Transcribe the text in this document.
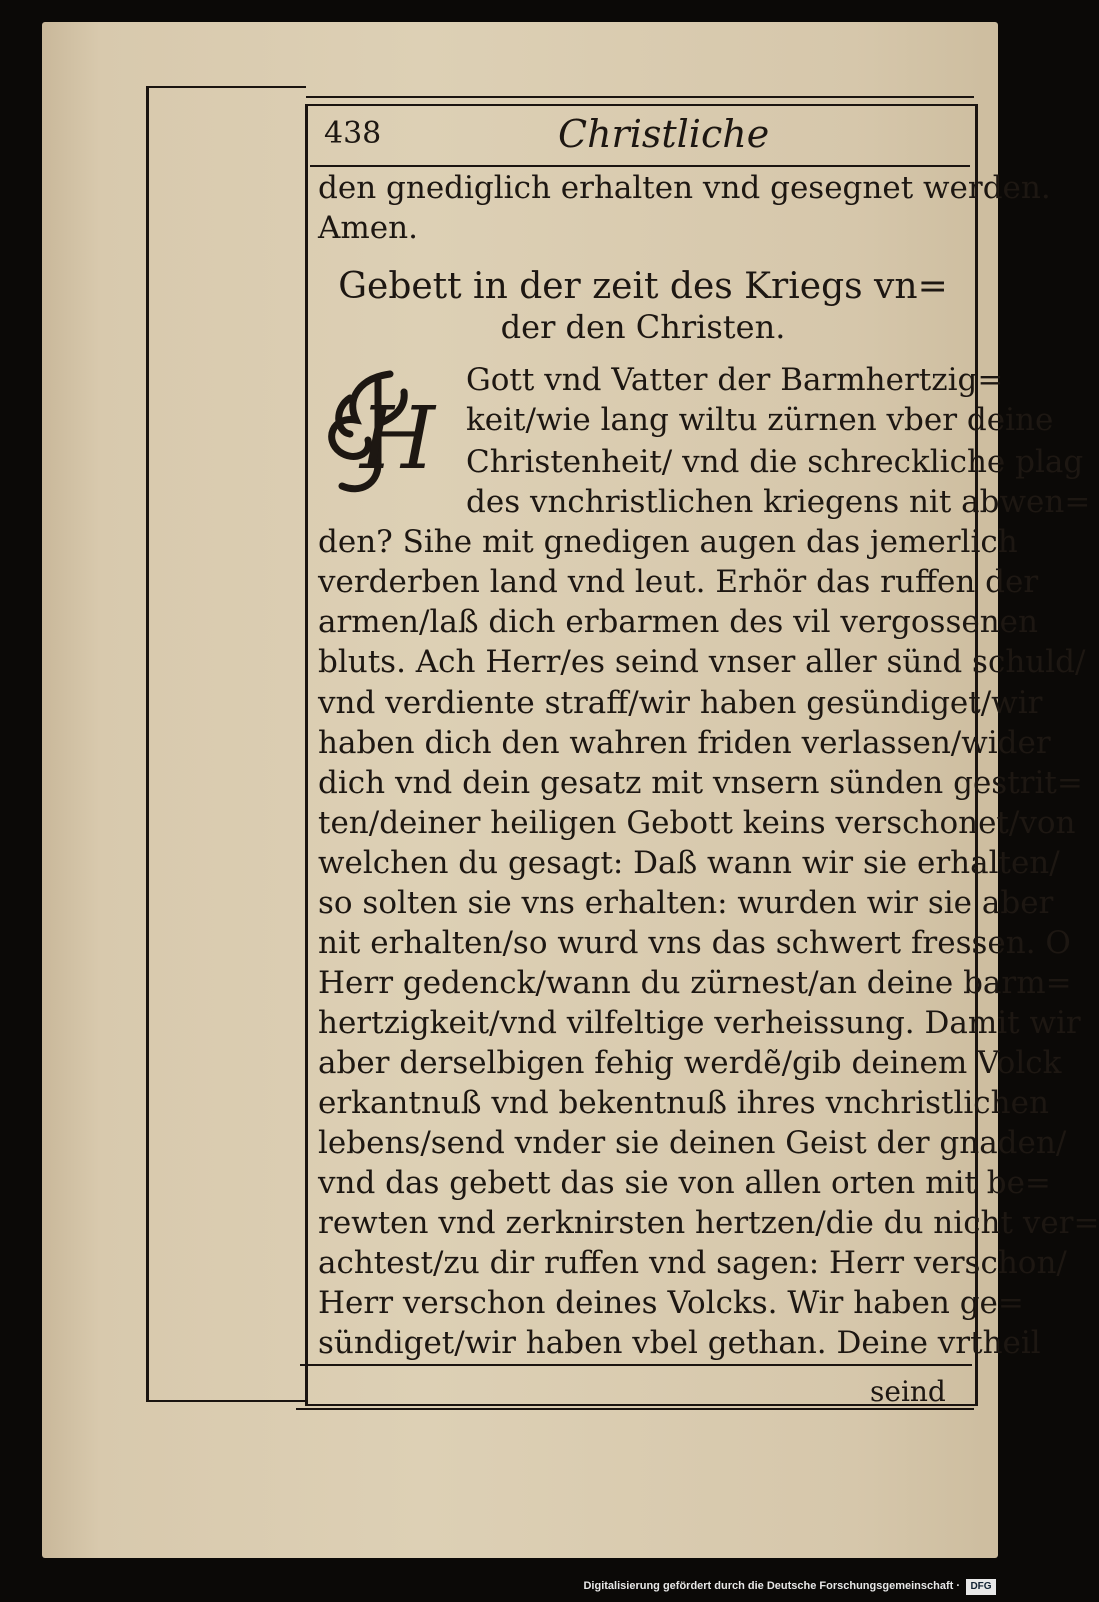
438	Christliche
den gnediglich erhalten vnd gesegnet werden.
Amen.
Gebett in der zeit des Kriegs vn=
der den Christen.
H
Gott vnd Vatter der Barmhertzig=
keit/wie lang wiltu zürnen vber deine
Christenheit/ vnd die schreckliche plag
des vnchristlichen kriegens nit abwen=
den? Sihe mit gnedigen augen das jemerlich
verderben land vnd leut. Erhör das ruffen der
armen/laß dich erbarmen des vil vergossenen
bluts. Ach Herr/es seind vnser aller sünd schuld/
vnd verdiente straff/wir haben gesündiget/wir
haben dich den wahren friden verlassen/wider
dich vnd dein gesatz mit vnsern sünden gestrit=
ten/deiner heiligen Gebott keins verschonet/von
welchen du gesagt: Daß wann wir sie erhalten/
so solten sie vns erhalten: wurden wir sie aber
nit erhalten/so wurd vns das schwert fressen. O
Herr gedenck/wann du zürnest/an deine barm=
hertzigkeit/vnd vilfeltige verheissung. Damit wir
aber derselbigen fehig werdẽ/gib deinem Volck
erkantnuß vnd bekentnuß ihres vnchristlichen
lebens/send vnder sie deinen Geist der gnaden/
vnd das gebett das sie von allen orten mit be=
rewten vnd zerknirsten hertzen/die du nicht ver=
achtest/zu dir ruffen vnd sagen: Herr verschon/
Herr verschon deines Volcks. Wir haben ge=
sündiget/wir haben vbel gethan. Deine vrtheil
seind
Digitalisierung gefördert durch die Deutsche Forschungsgemeinschaft ·	DFG
